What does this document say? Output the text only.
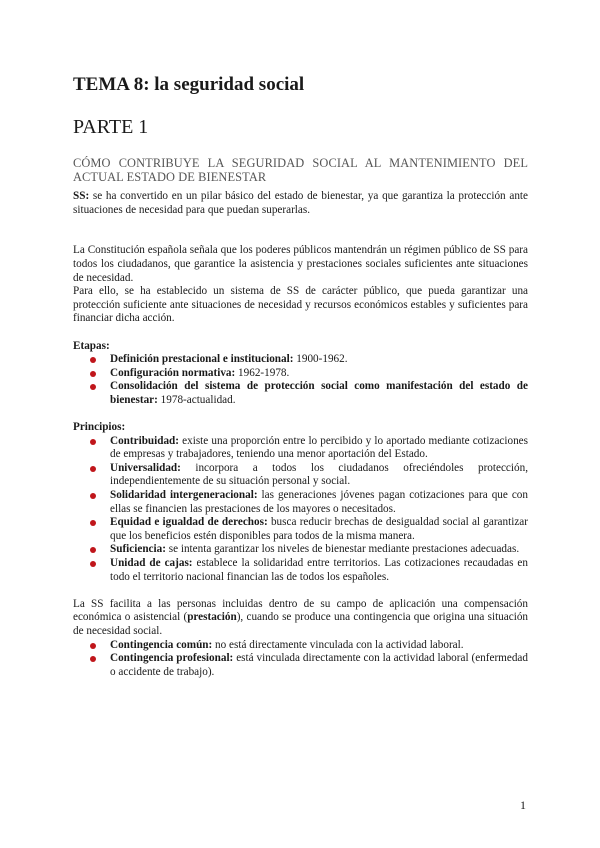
TEMA 8: la seguridad social
PARTE 1

CÓMO CONTRIBUYE LA SEGURIDAD SOCIAL AL MANTENIMIENTO DEL ACTUAL ESTADO DE BIENESTAR

SS: se ha convertido en un pilar básico del estado de bienestar, ya que garantiza la protección ante situaciones de necesidad para que puedan superarlas.

La Constitución española señala que los poderes públicos mantendrán un régimen público de SS para todos los ciudadanos, que garantice la asistencia y prestaciones sociales suficientes ante situaciones de necesidad.

Para ello, se ha establecido un sistema de SS de carácter público, que pueda garantizar una protección suficiente ante situaciones de necesidad y recursos económicos estables y suficientes para financiar dicha acción.

Etapas:

Definición prestacional e institucional: 1900-1962.
Configuración normativa: 1962-1978.
Consolidación del sistema de protección social como manifestación del estado de bienestar: 1978-actualidad.

Principios:

Contribuidad: existe una proporción entre lo percibido y lo aportado mediante cotizaciones de empresas y trabajadores, teniendo una menor aportación del Estado.
Universalidad: incorpora a todos los ciudadanos ofreciéndoles protección, independientemente de su situación personal y social.
Solidaridad intergeneracional: las generaciones jóvenes pagan cotizaciones para que con ellas se financien las prestaciones de los mayores o necesitados.
Equidad e igualdad de derechos: busca reducir brechas de desigualdad social al garantizar que los beneficios estén disponibles para todos de la misma manera.
Suficiencia: se intenta garantizar los niveles de bienestar mediante prestaciones adecuadas.
Unidad de cajas: establece la solidaridad entre territorios. Las cotizaciones recaudadas en todo el territorio nacional financian las de todos los españoles.

La SS facilita a las personas incluidas dentro de su campo de aplicación una compensación económica o asistencial (prestación), cuando se produce una contingencia que origina una situación de necesidad social.

Contingencia común: no está directamente vinculada con la actividad laboral.
Contingencia profesional: está vinculada directamente con la actividad laboral (enfermedad o accidente de trabajo).
1
